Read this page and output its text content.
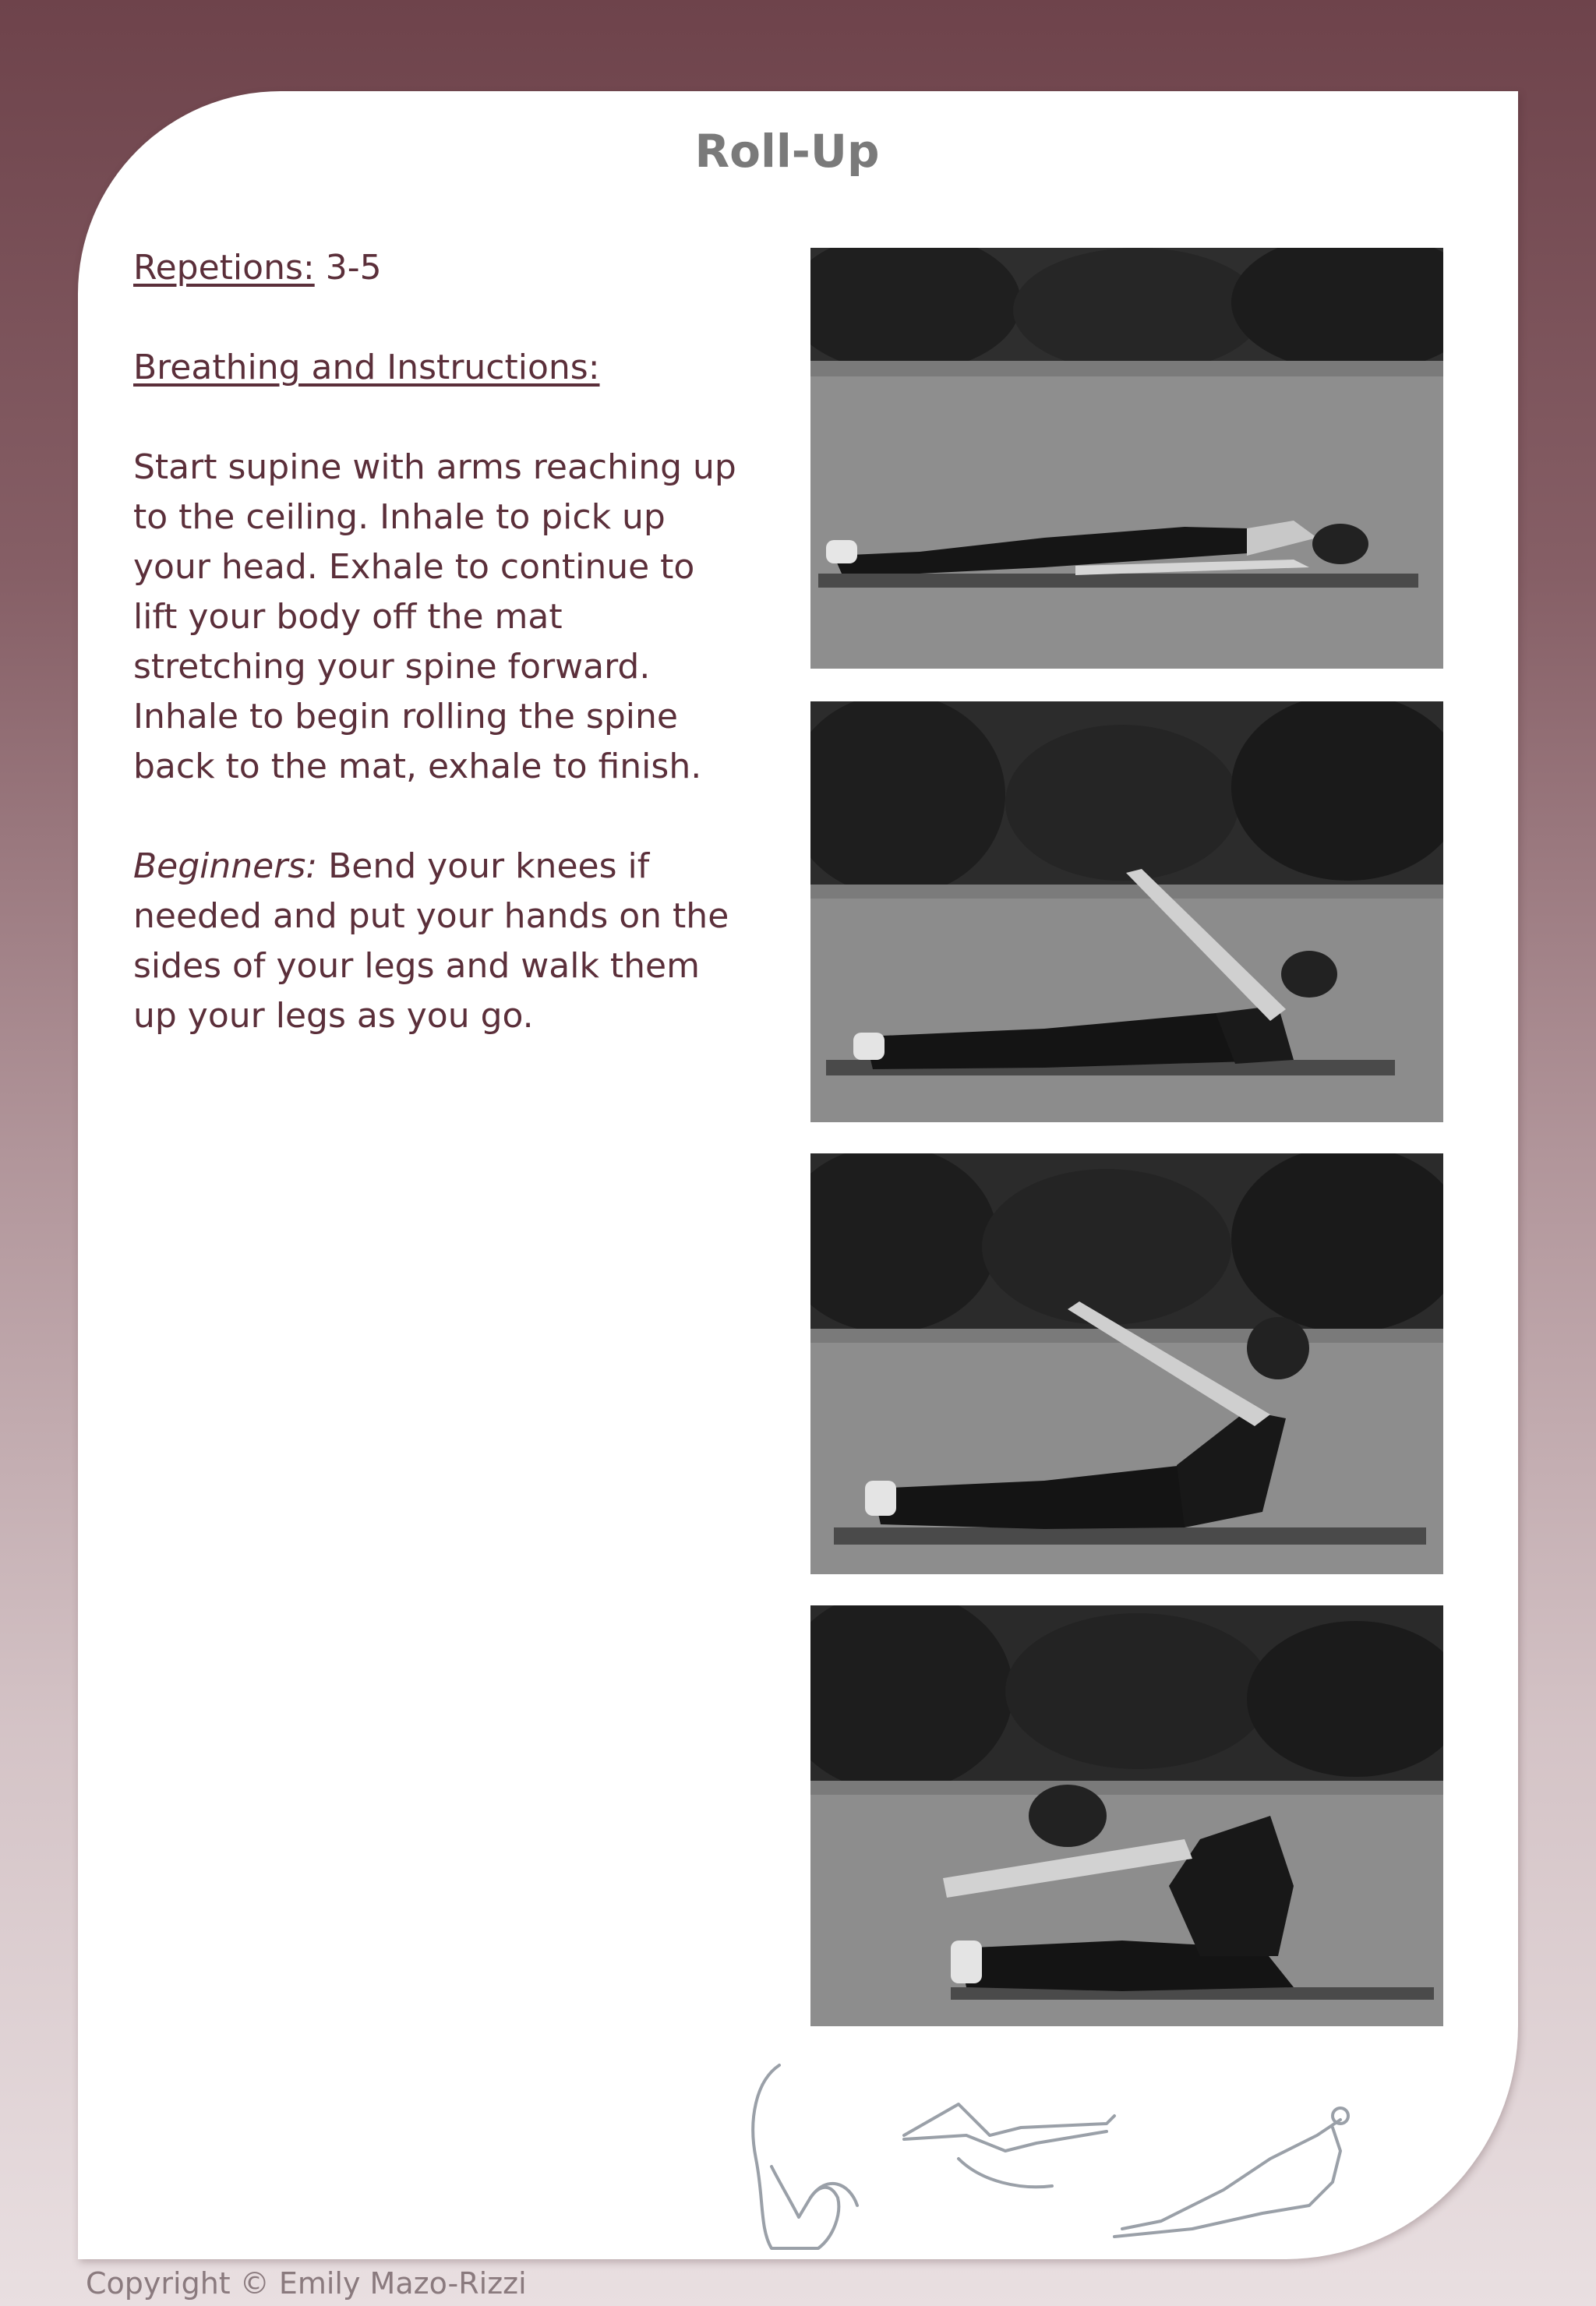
Roll-Up

Repetions: 3-5

Breathing and Instructions:

Start supine with arms reaching up

to the ceiling. Inhale to pick up

your head. Exhale to continue to

lift your body off the mat

stretching your spine forward.

Inhale to begin rolling the spine

back to the mat, exhale to finish.

Beginners: Bend your knees if

needed and put your hands on the

sides of your legs and walk them

up your legs as you go.

Copyright © Emily Mazo-Rizzi
